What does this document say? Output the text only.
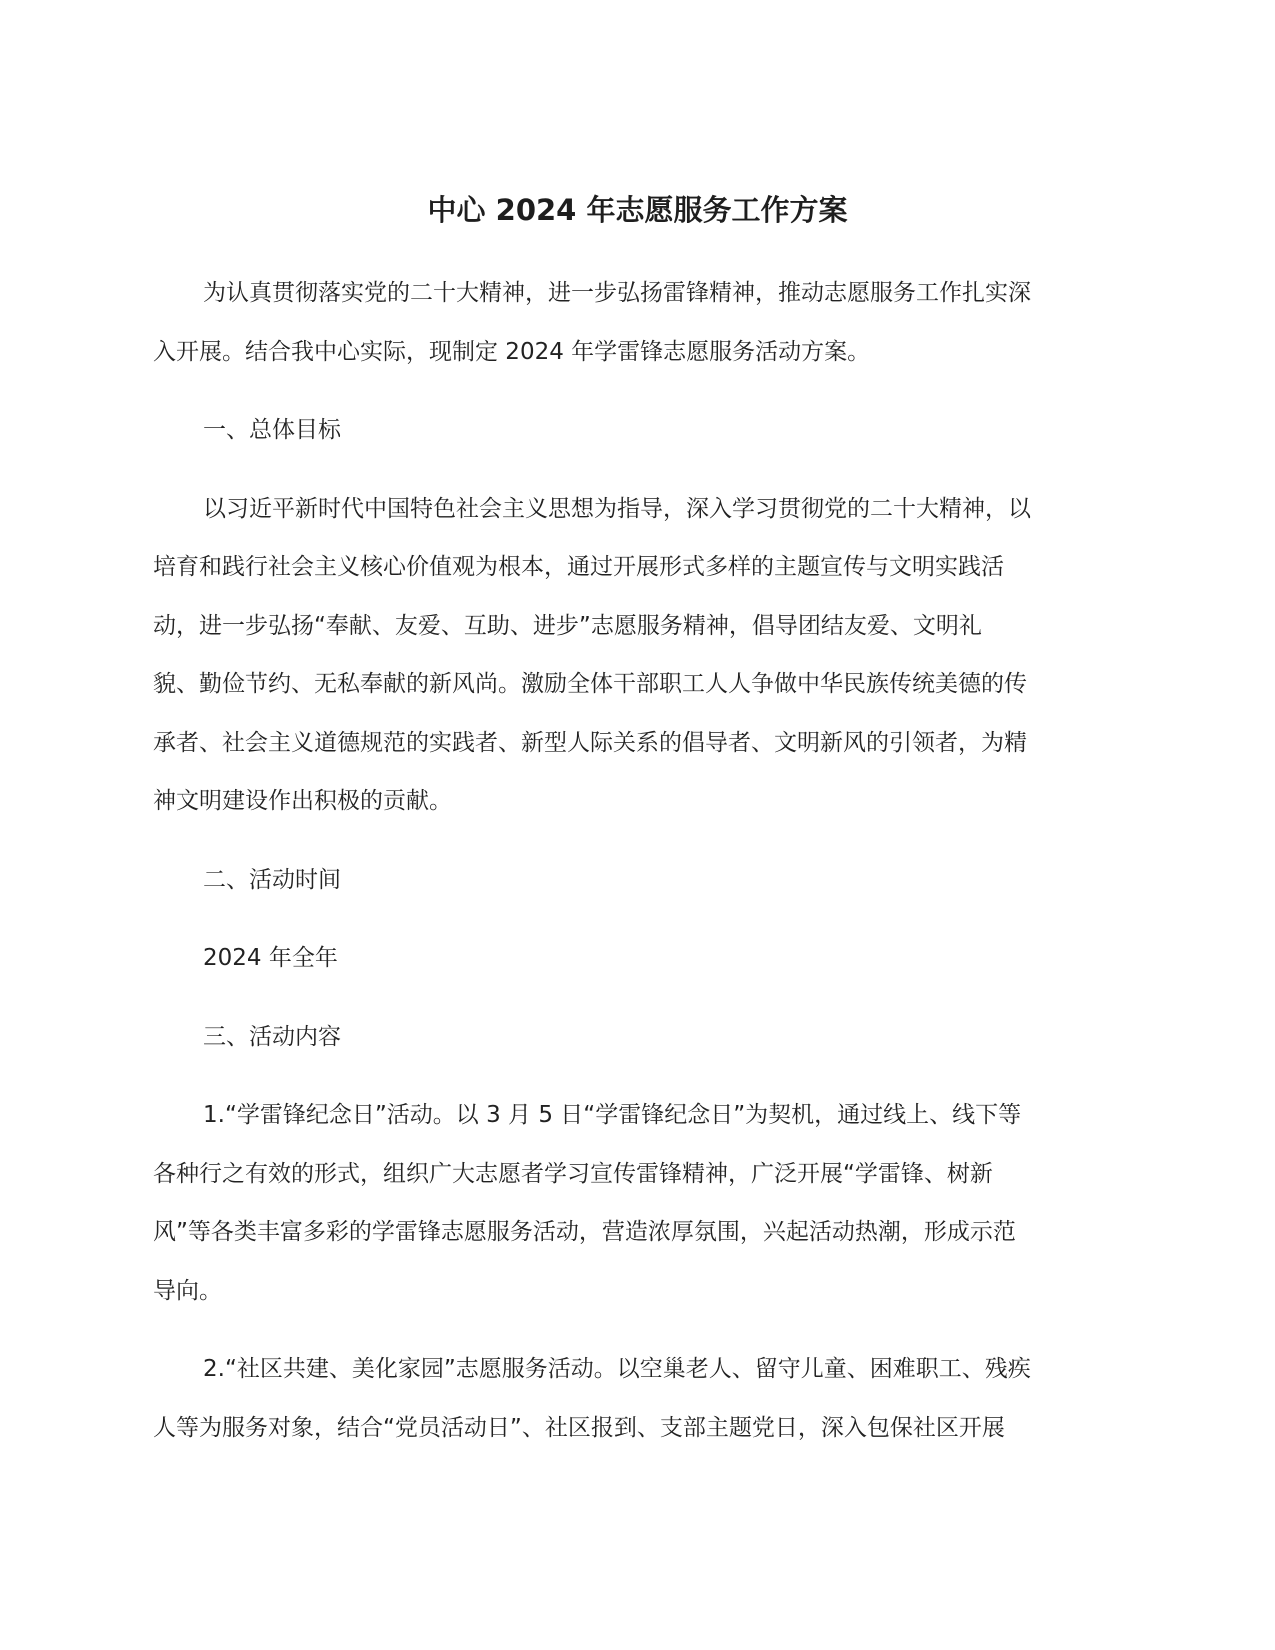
中心 2024 年志愿服务工作方案

为认真贯彻落实党的二十大精神，进一步弘扬雷锋精神，推动志愿服务工作扎实深
入开展。结合我中心实际，现制定 2024 年学雷锋志愿服务活动方案。

一、总体目标

以习近平新时代中国特色社会主义思想为指导，深入学习贯彻党的二十大精神，以
培育和践行社会主义核心价值观为根本，通过开展形式多样的主题宣传与文明实践活
动，进一步弘扬“奉献、友爱、互助、进步”志愿服务精神，倡导团结友爱、文明礼
貌、勤俭节约、无私奉献的新风尚。激励全体干部职工人人争做中华民族传统美德的传
承者、社会主义道德规范的实践者、新型人际关系的倡导者、文明新风的引领者，为精
神文明建设作出积极的贡献。

二、活动时间

2024 年全年

三、活动内容

1.“学雷锋纪念日”活动。以 3 月 5 日“学雷锋纪念日”为契机，通过线上、线下等
各种行之有效的形式，组织广大志愿者学习宣传雷锋精神，广泛开展“学雷锋、树新
风”等各类丰富多彩的学雷锋志愿服务活动，营造浓厚氛围，兴起活动热潮，形成示范
导向。

2.“社区共建、美化家园”志愿服务活动。以空巢老人、留守儿童、困难职工、残疾
人等为服务对象，结合“党员活动日”、社区报到、支部主题党日，深入包保社区开展
